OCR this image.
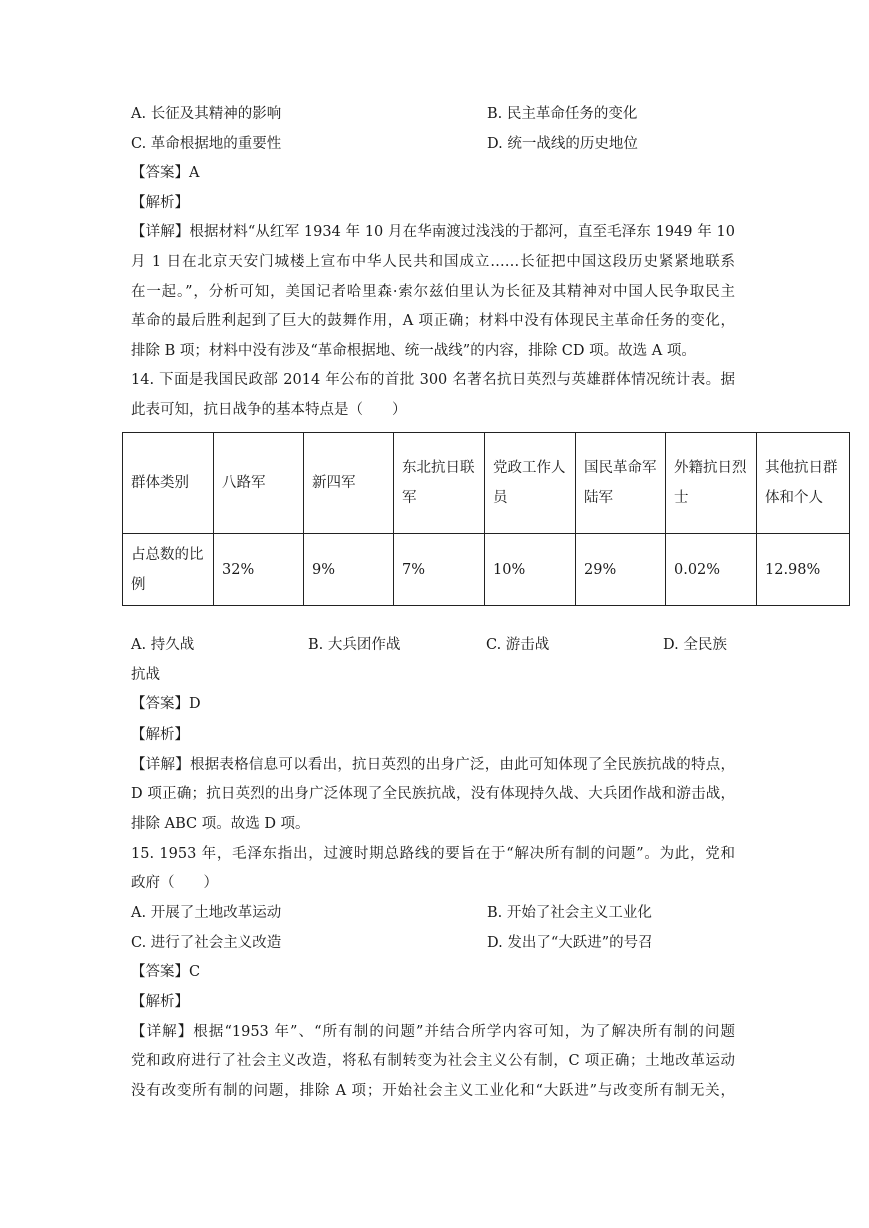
A. 长征及其精神的影响	B. 民主革命任务的变化
C. 革命根据地的重要性	D. 统一战线的历史地位
【答案】A
【解析】
【详解】根据材料“从红军 1934 年 10 月在华南渡过浅浅的于都河，直至毛泽东 1949 年 10
月 1 日在北京天安门城楼上宣布中华人民共和国成立……长征把中国这段历史紧紧地联系
在一起。”，分析可知，美国记者哈里森·索尔兹伯里认为长征及其精神对中国人民争取民主
革命的最后胜利起到了巨大的鼓舞作用，A 项正确；材料中没有体现民主革命任务的变化，
排除 B 项；材料中没有涉及“革命根据地、统一战线”的内容，排除 CD 项。故选 A 项。
14. 下面是我国民政部 2014 年公布的首批 300 名著名抗日英烈与英雄群体情况统计表。据
此表可知，抗日战争的基本特点是（　　）
群体类别	八路军	新四军	东北抗日联军	党政工作人员	国民革命军陆军	外籍抗日烈士	其他抗日群体和个人
占总数的比例	32%	9%	7%	10%	29%	0.02%	12.98%
A. 持久战	B. 大兵团作战	C. 游击战	D. 全民族
抗战
【答案】D
【解析】
【详解】根据表格信息可以看出，抗日英烈的出身广泛，由此可知体现了全民族抗战的特点，
D 项正确；抗日英烈的出身广泛体现了全民族抗战，没有体现持久战、大兵团作战和游击战，
排除 ABC 项。故选 D 项。
15. 1953 年，毛泽东指出，过渡时期总路线的要旨在于“解决所有制的问题”。为此，党和
政府（　　）
A. 开展了土地改革运动	B. 开始了社会主义工业化
C. 进行了社会主义改造	D. 发出了“大跃进”的号召
【答案】C
【解析】
【详解】根据“1953 年”、“所有制的问题”并结合所学内容可知，为了解决所有制的问题
党和政府进行了社会主义改造，将私有制转变为社会主义公有制，C 项正确；土地改革运动
没有改变所有制的问题，排除 A 项；开始社会主义工业化和“大跃进”与改变所有制无关，
